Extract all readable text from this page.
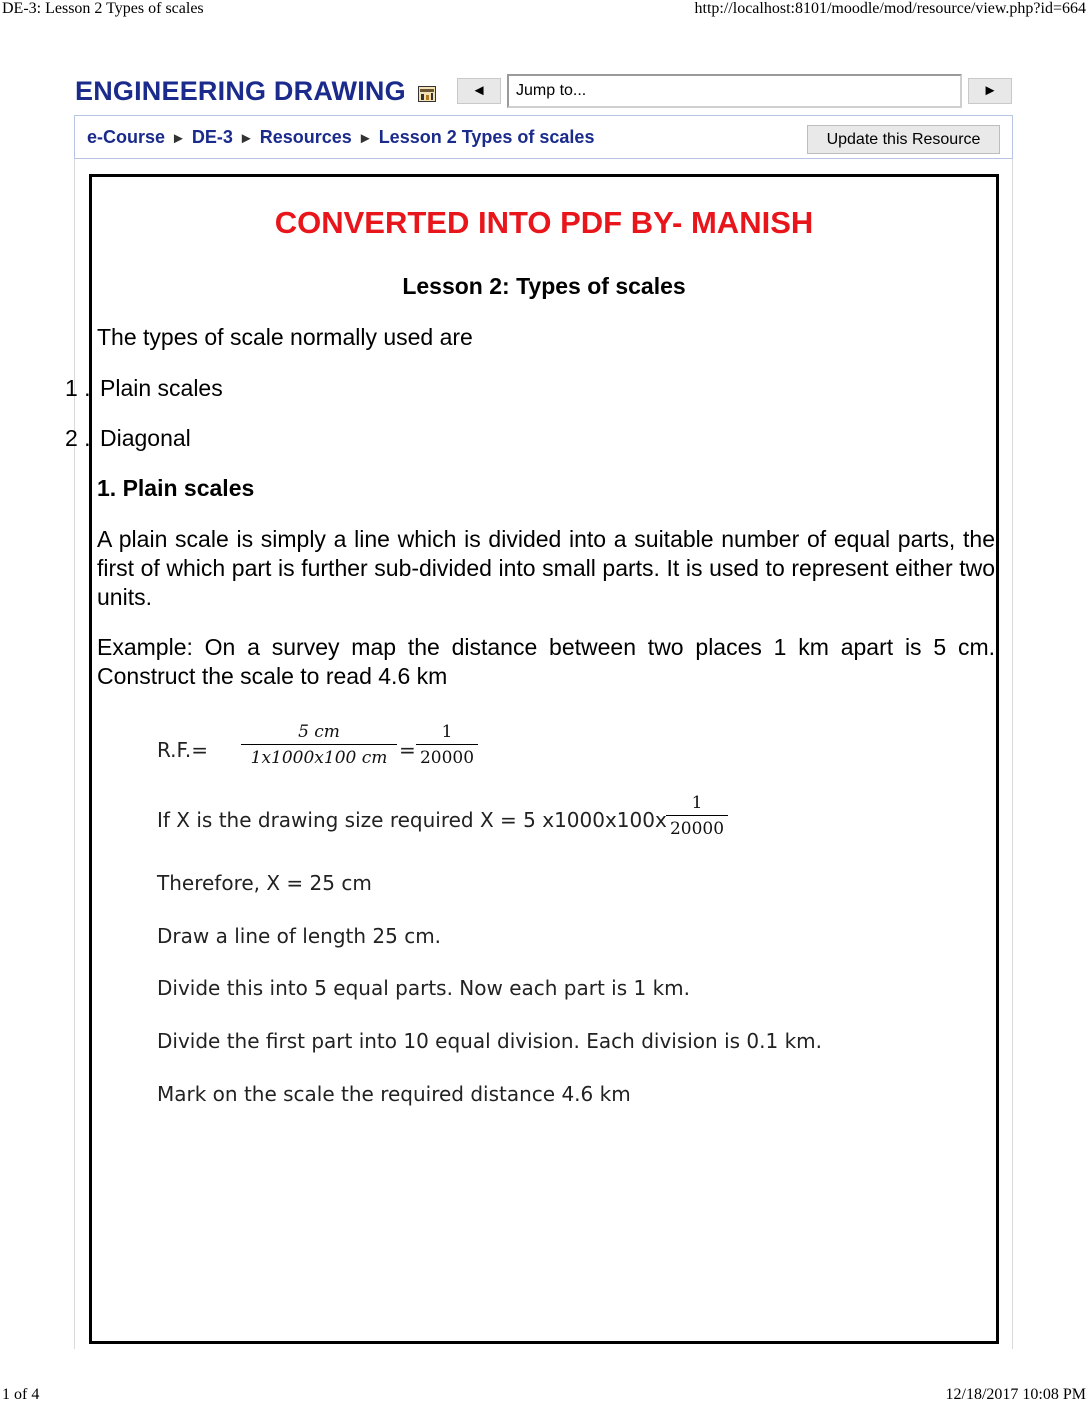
DE-3: Lesson 2 Types of scales	http://localhost:8101/moodle/mod/resource/view.php?id=664
ENGINEERING DRAWING	◄	Jump to...	►
e-Course ► DE-3 ► Resources ► Lesson 2 Types of scales	Update this Resource
CONVERTED INTO PDF BY- MANISH
Lesson 2: Types of scales
The types of scale normally used are
1 . Plain scales
2 . Diagonal
1. Plain scales
A plain scale is simply a line which is divided into a suitable number of equal parts, the first of which part is further sub-divided into small parts. It is used to represent either two units.
Example: On a survey map the distance between two places 1 km apart is 5 cm. Construct the scale to read 4.6 km
R.F.=
5 cm
1x1000x100 cm =
1
20000
If X is the drawing size required X = 5 x1000x100x
1
20000
Therefore, X = 25 cm
Draw a line of length 25 cm.
Divide this into 5 equal parts. Now each part is 1 km.
Divide the first part into 10 equal division. Each division is 0.1 km.
Mark on the scale the required distance 4.6 km
1 of 4	12/18/2017 10:08 PM
